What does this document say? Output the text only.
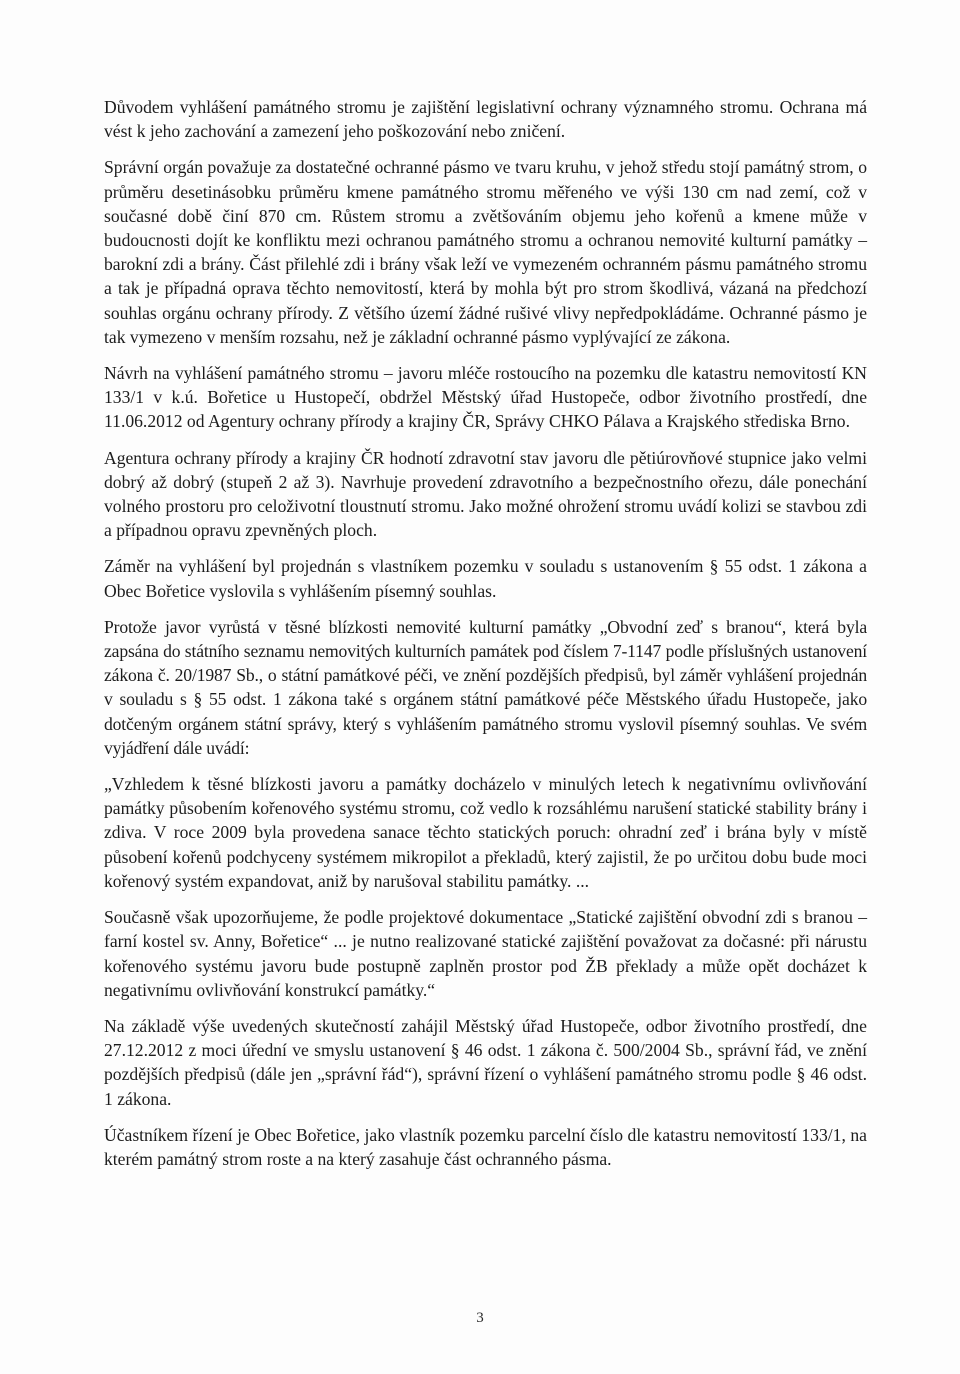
Důvodem vyhlášení památného stromu je zajištění legislativní ochrany významného stromu. Ochrana má vést k jeho zachování a zamezení jeho poškozování nebo zničení.

Správní orgán považuje za dostatečné ochranné pásmo ve tvaru kruhu, v jehož středu stojí památný strom, o průměru desetinásobku průměru kmene památného stromu měřeného ve výši 130 cm nad zemí, což v současné době činí 870 cm. Růstem stromu a zvětšováním objemu jeho kořenů a kmene může v budoucnosti dojít ke konfliktu mezi ochranou památného stromu a ochranou nemovité kulturní památky – barokní zdi a brány. Část přilehlé zdi i brány však leží ve vymezeném ochranném pásmu památného stromu a tak je případná oprava těchto nemovitostí, která by mohla být pro strom škodlivá, vázaná na předchozí souhlas orgánu ochrany přírody. Z většího území žádné rušivé vlivy nepředpokládáme. Ochranné pásmo je tak vymezeno v menším rozsahu, než je základní ochranné pásmo vyplývající ze zákona.

Návrh na vyhlášení památného stromu – javoru mléče rostoucího na pozemku dle katastru nemovitostí KN 133/1 v k.ú. Bořetice u Hustopečí, obdržel Městský úřad Hustopeče, odbor životního prostředí, dne 11.06.2012 od Agentury ochrany přírody a krajiny ČR, Správy CHKO Pálava a Krajského střediska Brno.

Agentura ochrany přírody a krajiny ČR hodnotí zdravotní stav javoru dle pětiúrovňové stupnice jako velmi dobrý až dobrý (stupeň 2 až 3). Navrhuje provedení zdravotního a bezpečnostního ořezu, dále ponechání volného prostoru pro celoživotní tloustnutí stromu. Jako možné ohrožení stromu uvádí kolizi se stavbou zdi a případnou opravu zpevněných ploch.

Záměr na vyhlášení byl projednán s vlastníkem pozemku v souladu s ustanovením § 55 odst. 1 zákona a Obec Bořetice vyslovila s vyhlášením písemný souhlas.

Protože javor vyrůstá v těsné blízkosti nemovité kulturní památky „Obvodní zeď s branou“, která byla zapsána do státního seznamu nemovitých kulturních památek pod číslem 7-1147 podle příslušných ustanovení zákona č. 20/1987 Sb., o státní památkové péči, ve znění pozdějších předpisů, byl záměr vyhlášení projednán v souladu s § 55 odst. 1 zákona také s orgánem státní památkové péče Městského úřadu Hustopeče, jako dotčeným orgánem státní správy, který s vyhlášením památného stromu vyslovil písemný souhlas. Ve svém vyjádření dále uvádí:

„Vzhledem k těsné blízkosti javoru a památky docházelo v minulých letech k negativnímu ovlivňování památky působením kořenového systému stromu, což vedlo k rozsáhlému narušení statické stability brány i zdiva. V roce 2009 byla provedena sanace těchto statických poruch: ohradní zeď i brána byly v místě působení kořenů podchyceny systémem mikropilot a překladů, který zajistil, že po určitou dobu bude moci kořenový systém expandovat, aniž by narušoval stabilitu památky. ...

Současně však upozorňujeme, že podle projektové dokumentace „Statické zajištění obvodní zdi s branou – farní kostel sv. Anny, Bořetice“ ... je nutno realizované statické zajištění považovat za dočasné: při nárustu kořenového systému javoru bude postupně zaplněn prostor pod ŽB překlady a může opět docházet k negativnímu ovlivňování konstrukcí památky.“

Na základě výše uvedených skutečností zahájil Městský úřad Hustopeče, odbor životního prostředí, dne 27.12.2012 z moci úřední ve smyslu ustanovení § 46 odst. 1 zákona č. 500/2004 Sb., správní řád, ve znění pozdějších předpisů (dále jen „správní řád“), správní řízení o vyhlášení památného stromu podle § 46 odst. 1 zákona.

Účastníkem řízení je Obec Bořetice, jako vlastník pozemku parcelní číslo dle katastru nemovitostí 133/1, na kterém památný strom roste a na který zasahuje část ochranného pásma.

3
